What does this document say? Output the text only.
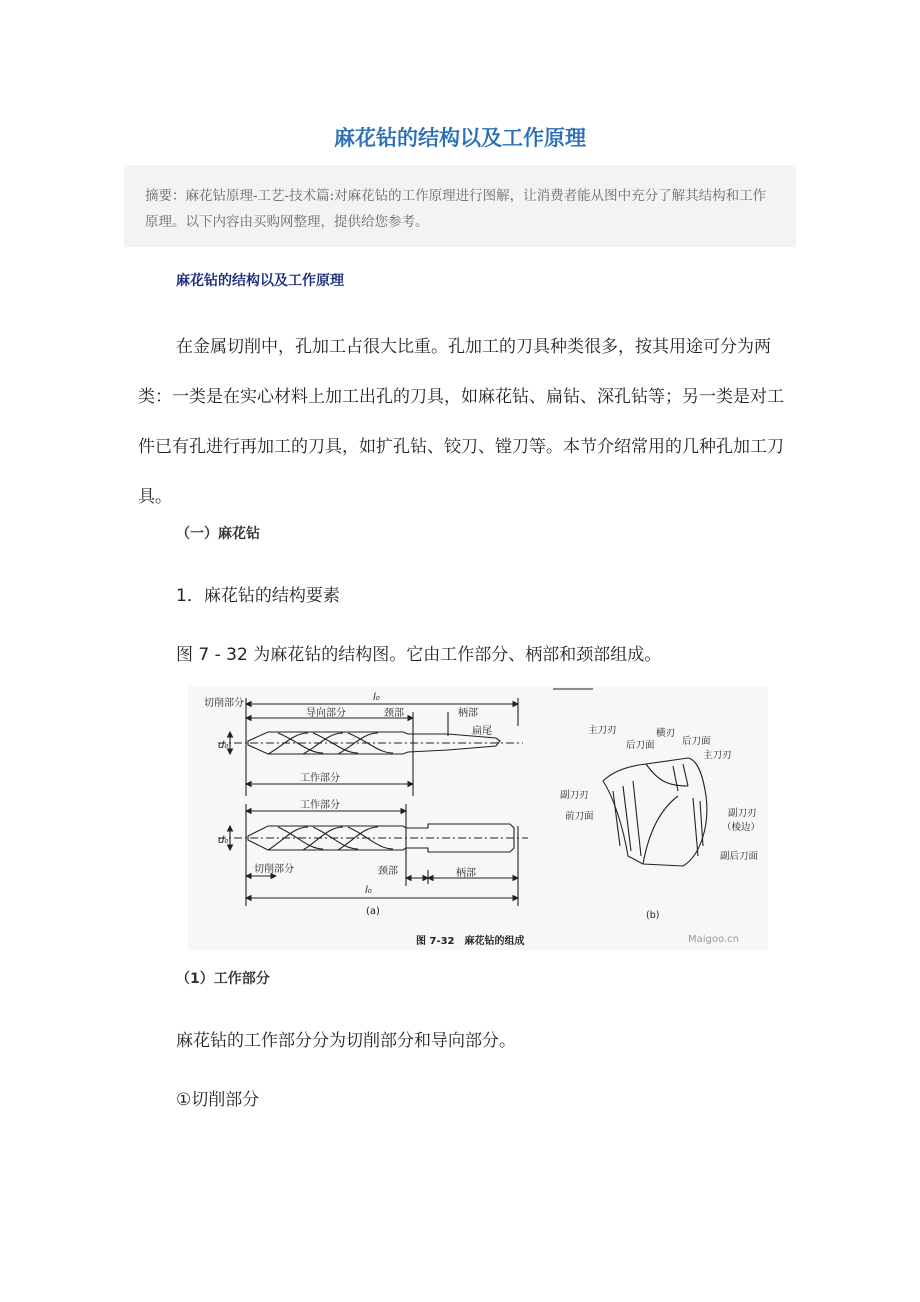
麻花钻的结构以及工作原理
摘要：麻花钻原理-工艺-技术篇:对麻花钻的工作原理进行图解，让消费者能从图中充分了解其结构和工作原理。以下内容由买购网整理，提供给您参考。

麻花钻的结构以及工作原理

在金属切削中，孔加工占很大比重。孔加工的刀具种类很多，按其用途可分为两类：一类是在实心材料上加工出孔的刀具，如麻花钻、扁钻、深孔钻等；另一类是对工件已有孔进行再加工的刀具，如扩孔钻、铰刀、镗刀等。本节介绍常用的几种孔加工刀具。

（一）麻花钻

1．麻花钻的结构要素

图 7 - 32 为麻花钻的结构图。它由工作部分、柄部和颈部组成。

切削部分
l₀
导向部分	颈部	柄部
扁尾
工作部分
d₀
工作部分
d₀
切削部分	颈部	柄部
l₀
(a)
主刀刃
后刀面
横刃
后刀面
主刀刃
副刀刃
前刀面	副刀刃
（棱边）
副后刀面
(b)
图 7-32　麻花钻的组成	Maigoo.cn

（1）工作部分

麻花钻的工作部分分为切削部分和导向部分。

①切削部分
